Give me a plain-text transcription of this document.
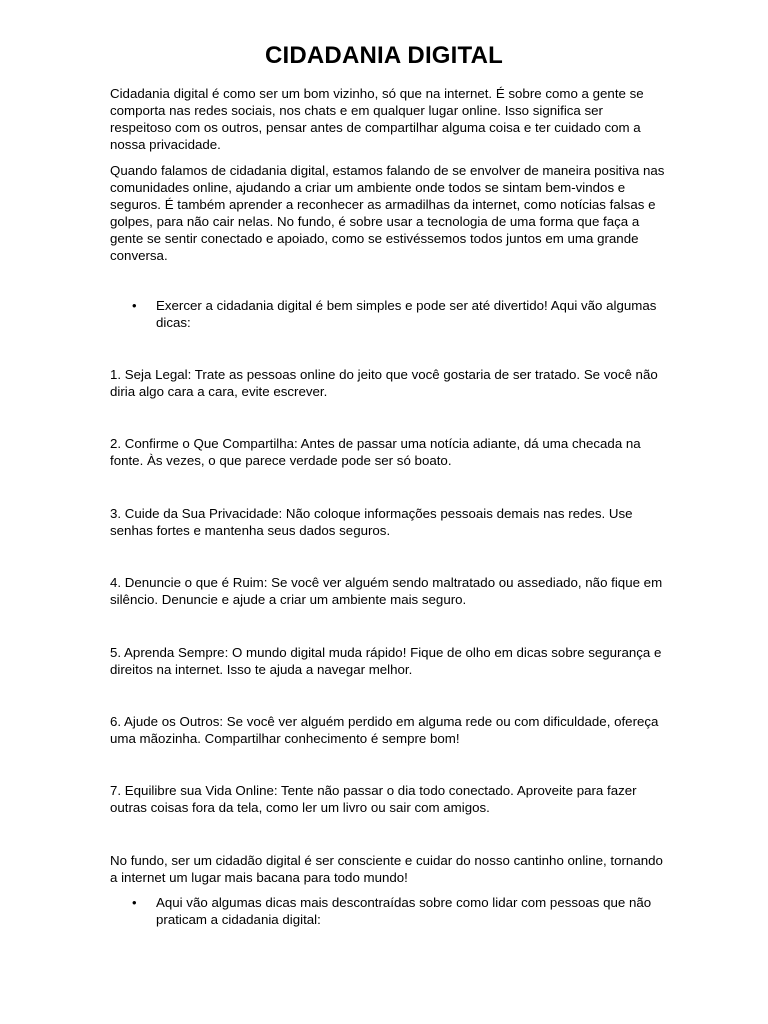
CIDADANIA DIGITAL

Cidadania digital é como ser um bom vizinho, só que na internet. É sobre como a gente se comporta nas redes sociais, nos chats e em qualquer lugar online. Isso significa ser respeitoso com os outros, pensar antes de compartilhar alguma coisa e ter cuidado com a nossa privacidade.

Quando falamos de cidadania digital, estamos falando de se envolver de maneira positiva nas comunidades online, ajudando a criar um ambiente onde todos se sintam bem-vindos e seguros. É também aprender a reconhecer as armadilhas da internet, como notícias falsas e golpes, para não cair nelas. No fundo, é sobre usar a tecnologia de uma forma que faça a gente se sentir conectado e apoiado, como se estivéssemos todos juntos em uma grande conversa.

• Exercer a cidadania digital é bem simples e pode ser até divertido! Aqui vão algumas dicas:

1. Seja Legal: Trate as pessoas online do jeito que você gostaria de ser tratado. Se você não diria algo cara a cara, evite escrever.

2. Confirme o Que Compartilha: Antes de passar uma notícia adiante, dá uma checada na fonte. Às vezes, o que parece verdade pode ser só boato.

3. Cuide da Sua Privacidade: Não coloque informações pessoais demais nas redes. Use senhas fortes e mantenha seus dados seguros.

4. Denuncie o que é Ruim: Se você ver alguém sendo maltratado ou assediado, não fique em silêncio. Denuncie e ajude a criar um ambiente mais seguro.

5. Aprenda Sempre: O mundo digital muda rápido! Fique de olho em dicas sobre segurança e direitos na internet. Isso te ajuda a navegar melhor.

6. Ajude os Outros: Se você ver alguém perdido em alguma rede ou com dificuldade, ofereça uma mãozinha. Compartilhar conhecimento é sempre bom!

7. Equilibre sua Vida Online: Tente não passar o dia todo conectado. Aproveite para fazer outras coisas fora da tela, como ler um livro ou sair com amigos.

No fundo, ser um cidadão digital é ser consciente e cuidar do nosso cantinho online, tornando a internet um lugar mais bacana para todo mundo!

• Aqui vão algumas dicas mais descontraídas sobre como lidar com pessoas que não praticam a cidadania digital:
